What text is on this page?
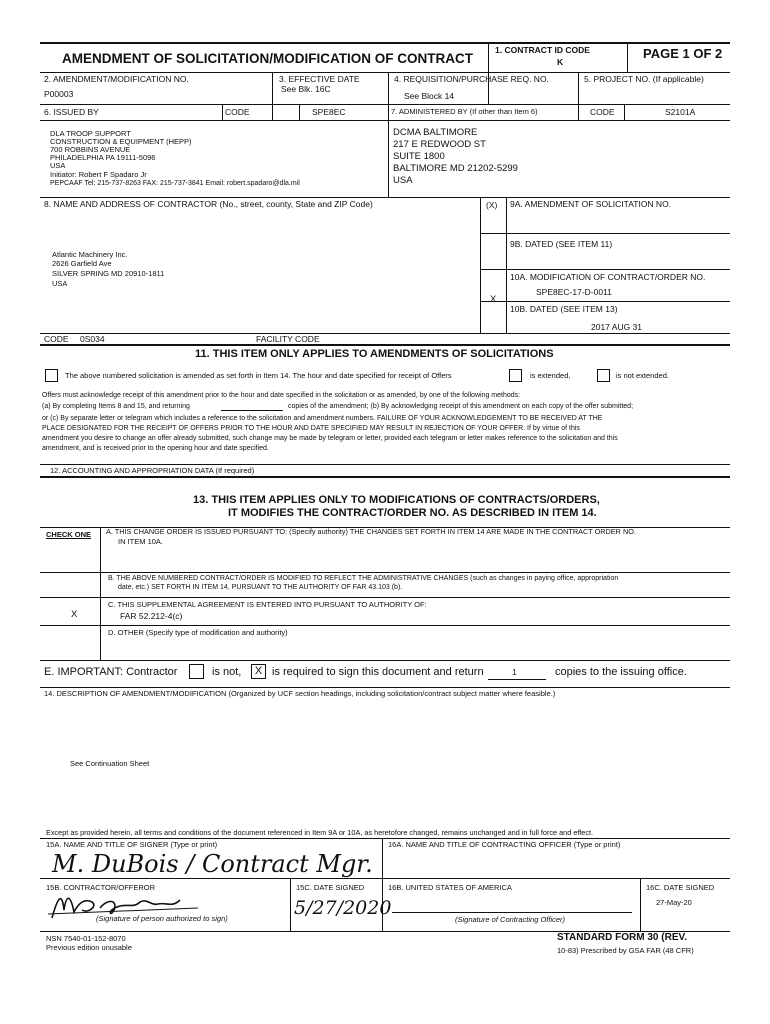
AMENDMENT OF SOLICITATION/MODIFICATION OF CONTRACT
1. CONTRACT ID CODE
K
PAGE 1 OF 2
2. AMENDMENT/MODIFICATION NO.
P00003
3. EFFECTIVE DATE
See Blk. 16C
4. REQUISITION/PURCHASE REQ. NO.
See Block 14
5. PROJECT NO. (If applicable)
6. ISSUED BY	CODE	SPE8EC	7. ADMINISTERED BY (If other than Item 6)	CODE	S2101A
DLA TROOP SUPPORT
CONSTRUCTION & EQUIPMENT (HEPP)
700 ROBBINS AVENUE
PHILADELPHIA PA 19111-5096
USA
Initiator: Robert F Spadaro Jr
PEPCAAF Tel: 215-737-8263 FAX: 215-737-3841 Email: robert.spadaro@dla.mil
DCMA BALTIMORE
217 E REDWOOD ST
SUITE 1800
BALTIMORE MD 21202-5299
USA
8. NAME AND ADDRESS OF CONTRACTOR (No., street, county, State and ZIP Code)
Atlantic Machinery Inc.
2626 Garfield Ave
SILVER SPRING MD 20910-1811
USA
(X) 9A. AMENDMENT OF SOLICITATION NO.
9B. DATED (SEE ITEM 11)
10A. MODIFICATION OF CONTRACT/ORDER NO.
SPE8EC-17-D-0011
X
10B. DATED (SEE ITEM 13)
2017 AUG 31
CODE 0S034	FACILITY CODE
11. THIS ITEM ONLY APPLIES TO AMENDMENTS OF SOLICITATIONS
The above numbered solicitation is amended as set forth in Item 14. The hour and date specified for receipt of Offers	is extended,	is not extended.
Offers must acknowledge receipt of this amendment prior to the hour and date specified in the solicitation or as amended, by one of the following methods:
(a) By completing Items 8 and 15, and returning	copies of the amendment; (b) By acknowledging receipt of this amendment on each copy of the offer submitted;
or (c) By separate letter or telegram which includes a reference to the solicitation and amendment numbers. FAILURE OF YOUR ACKNOWLEDGEMENT TO BE RECEIVED AT THE
PLACE DESIGNATED FOR THE RECEIPT OF OFFERS PRIOR TO THE HOUR AND DATE SPECIFIED MAY RESULT IN REJECTION OF YOUR OFFER. If by virtue of this
amendment you desire to change an offer already submitted, such change may be made by telegram or letter, provided each telegram or letter makes reference to the solicitation and this
amendment, and is received prior to the opening hour and date specified.
12. ACCOUNTING AND APPROPRIATION DATA (If required)
13. THIS ITEM APPLIES ONLY TO MODIFICATIONS OF CONTRACTS/ORDERS,
IT MODIFIES THE CONTRACT/ORDER NO. AS DESCRIBED IN ITEM 14.
CHECK ONE A. THIS CHANGE ORDER IS ISSUED PURSUANT TO: (Specify authority) THE CHANGES SET FORTH IN ITEM 14 ARE MADE IN THE CONTRACT ORDER NO.
IN ITEM 10A.
B. THE ABOVE NUMBERED CONTRACT/ORDER IS MODIFIED TO REFLECT THE ADMINISTRATIVE CHANGES (such as changes in paying office, appropriation
date, etc.) SET FORTH IN ITEM 14, PURSUANT TO THE AUTHORITY OF FAR 43.103 (b).
C. THIS SUPPLEMENTAL AGREEMENT IS ENTERED INTO PURSUANT TO AUTHORITY OF:
FAR 52.212-4(c)
X
D. OTHER (Specify type of modification and authority)
E. IMPORTANT: Contractor	is not,	X is required to sign this document and return	1	copies to the issuing office.
14. DESCRIPTION OF AMENDMENT/MODIFICATION (Organized by UCF section headings, including solicitation/contract subject matter where feasible.)
See Continuation Sheet
Except as provided herein, all terms and conditions of the document referenced in Item 9A or 10A, as heretofore changed, remains unchanged and in full force and effect.
15A. NAME AND TITLE OF SIGNER (Type or print)	16A. NAME AND TITLE OF CONTRACTING OFFICER (Type or print)
M. DuBois / Contract Mgr.
15B. CONTRACTOR/OFFEROR
(Signature of person authorized to sign)
15C. DATE SIGNED
5/27/2020
16B. UNITED STATES OF AMERICA
(Signature of Contracting Officer)
16C. DATE SIGNED
27-May-20
NSN 7540-01-152-8070
Previous edition unusable
STANDARD FORM 30 (REV.
10-83) Prescribed by GSA FAR (48 CFR)
